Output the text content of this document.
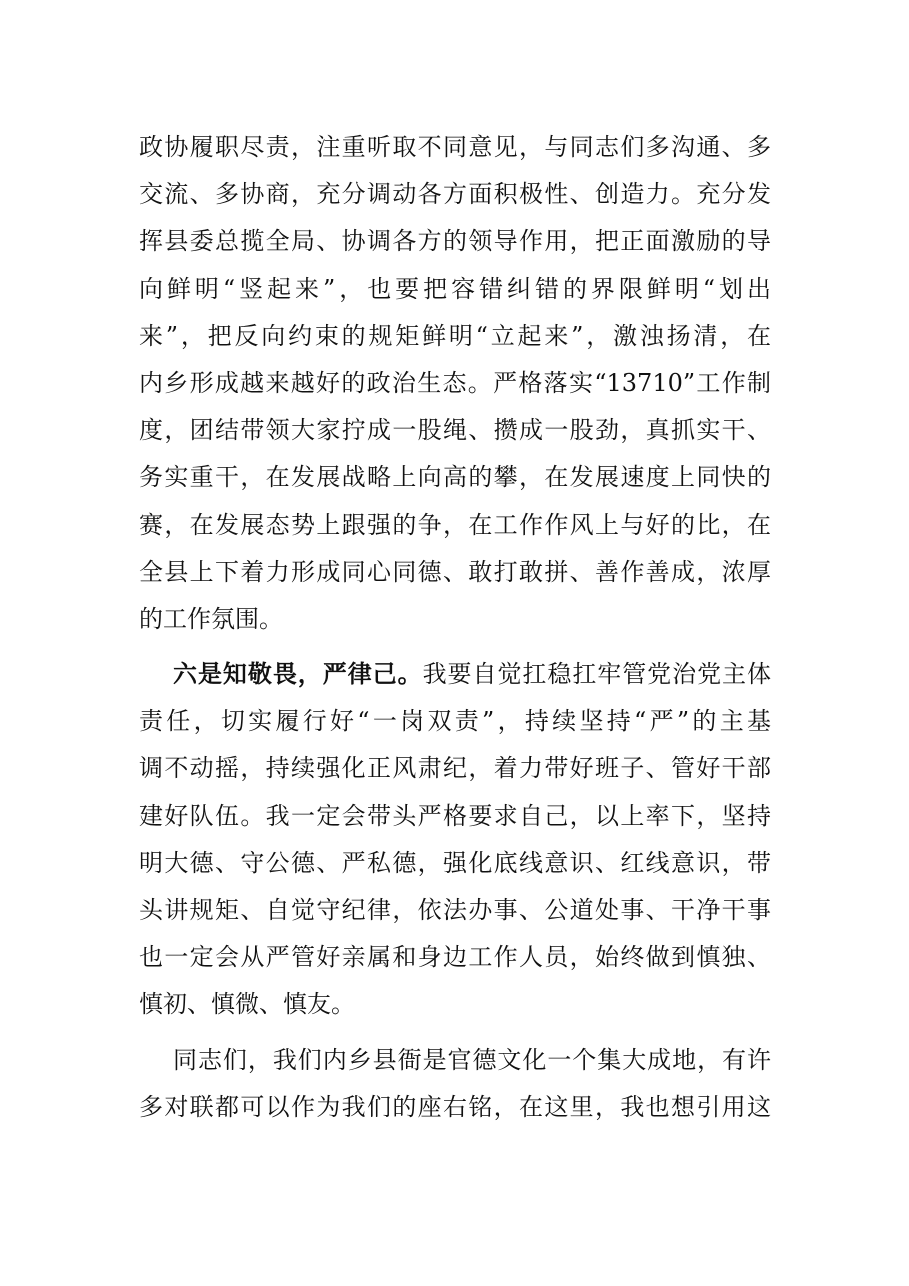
政协履职尽责，注重听取不同意见，与同志们多沟通、多
交流、多协商，充分调动各方面积极性、创造力。充分发
挥县委总揽全局、协调各方的领导作用，把正面激励的导
向鲜明“竖起来”，也要把容错纠错的界限鲜明“划出
来”，把反向约束的规矩鲜明“立起来”，激浊扬清，在
内乡形成越来越好的政治生态。严格落实“13710”工作制
度，团结带领大家拧成一股绳、攒成一股劲，真抓实干、
务实重干，在发展战略上向高的攀，在发展速度上同快的
赛，在发展态势上跟强的争，在工作作风上与好的比，在
全县上下着力形成同心同德、敢打敢拼、善作善成，浓厚
的工作氛围。
六是知敬畏，严律己。我要自觉扛稳扛牢管党治党主体
责任，切实履行好“一岗双责”，持续坚持“严”的主基
调不动摇，持续强化正风肃纪，着力带好班子、管好干部
建好队伍。我一定会带头严格要求自己，以上率下，坚持
明大德、守公德、严私德，强化底线意识、红线意识，带
头讲规矩、自觉守纪律，依法办事、公道处事、干净干事
也一定会从严管好亲属和身边工作人员，始终做到慎独、
慎初、慎微、慎友。
同志们，我们内乡县衙是官德文化一个集大成地，有许
多对联都可以作为我们的座右铭，在这里，我也想引用这
